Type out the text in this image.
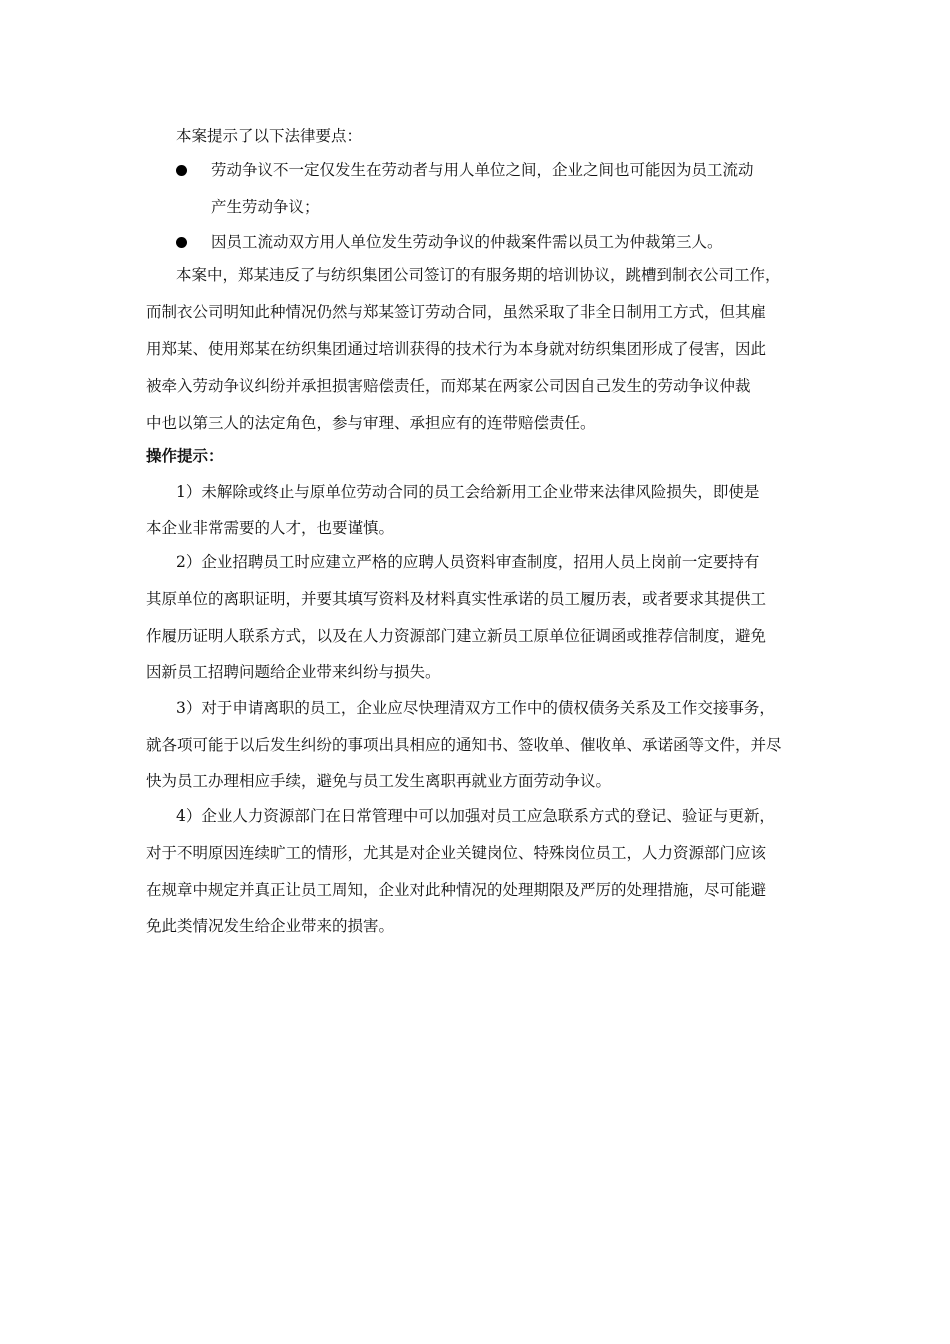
本案提示了以下法律要点：
劳动争议不一定仅发生在劳动者与用人单位之间，企业之间也可能因为员工流动
产生劳动争议；
因员工流动双方用人单位发生劳动争议的仲裁案件需以员工为仲裁第三人。
本案中，郑某违反了与纺织集团公司签订的有服务期的培训协议，跳槽到制衣公司工作，
而制衣公司明知此种情况仍然与郑某签订劳动合同，虽然采取了非全日制用工方式，但其雇
用郑某、使用郑某在纺织集团通过培训获得的技术行为本身就对纺织集团形成了侵害，因此
被牵入劳动争议纠纷并承担损害赔偿责任，而郑某在两家公司因自己发生的劳动争议仲裁
中也以第三人的法定角色，参与审理、承担应有的连带赔偿责任。
操作提示：
1）未解除或终止与原单位劳动合同的员工会给新用工企业带来法律风险损失，即使是
本企业非常需要的人才，也要谨慎。
2）企业招聘员工时应建立严格的应聘人员资料审查制度，招用人员上岗前一定要持有
其原单位的离职证明，并要其填写资料及材料真实性承诺的员工履历表，或者要求其提供工
作履历证明人联系方式，以及在人力资源部门建立新员工原单位征调函或推荐信制度，避免
因新员工招聘问题给企业带来纠纷与损失。
3）对于申请离职的员工，企业应尽快理清双方工作中的债权债务关系及工作交接事务，
就各项可能于以后发生纠纷的事项出具相应的通知书、签收单、催收单、承诺函等文件，并尽
快为员工办理相应手续，避免与员工发生离职再就业方面劳动争议。
4）企业人力资源部门在日常管理中可以加强对员工应急联系方式的登记、验证与更新，
对于不明原因连续旷工的情形，尤其是对企业关键岗位、特殊岗位员工，人力资源部门应该
在规章中规定并真正让员工周知，企业对此种情况的处理期限及严厉的处理措施，尽可能避
免此类情况发生给企业带来的损害。
